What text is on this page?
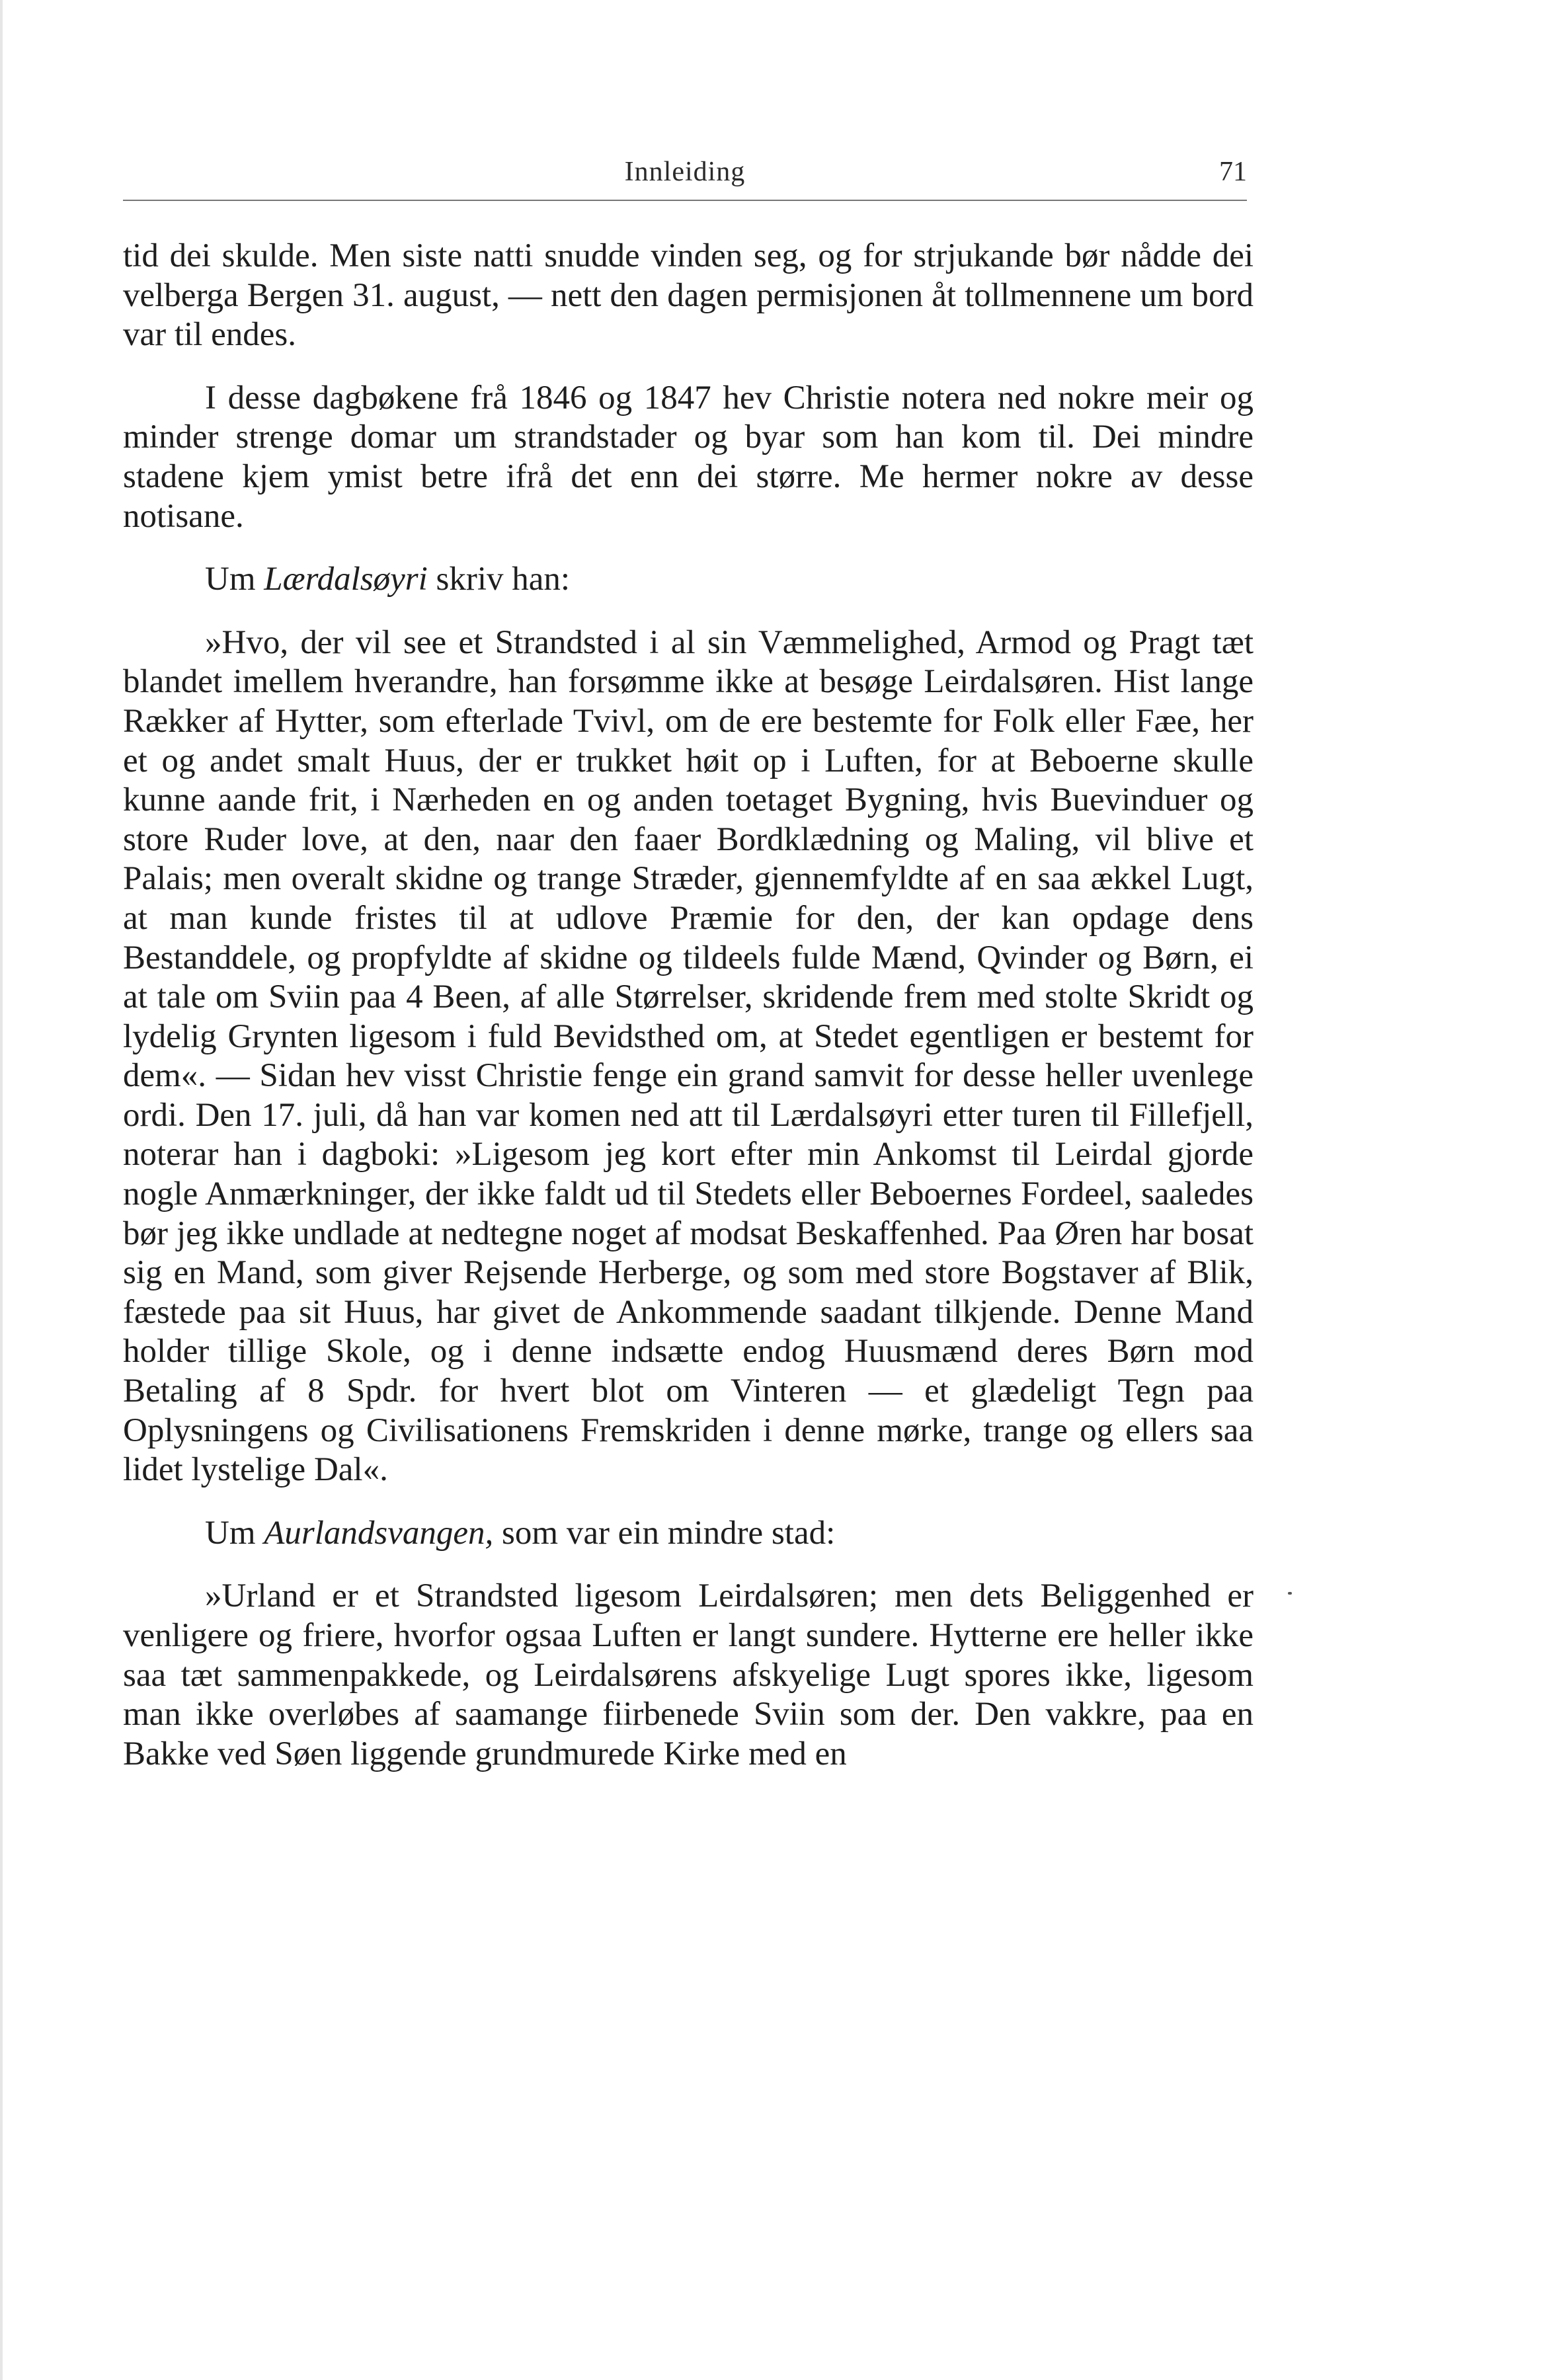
Innleiding	71

tid dei skulde. Men siste natti snudde vinden seg, og for strjukande bør nådde dei velberga Bergen 31. august, — nett den dagen permisjonen åt tollmennene um bord var til endes.

I desse dagbøkene frå 1846 og 1847 hev Christie notera ned nokre meir og minder strenge domar um strandstader og byar som han kom til. Dei mindre stadene kjem ymist betre ifrå det enn dei større. Me hermer nokre av desse notisane.

Um Lærdalsøyri skriv han:

»Hvo, der vil see et Strandsted i al sin Væmmelighed, Armod og Pragt tæt blandet imellem hverandre, han forsømme ikke at besøge Leirdalsøren. Hist lange Rækker af Hytter, som efterlade Tvivl, om de ere bestemte for Folk eller Fæe, her et og andet smalt Huus, der er trukket høit op i Luften, for at Beboerne skulle kunne aande frit, i Nærheden en og anden toetaget Bygning, hvis Buevinduer og store Ruder love, at den, naar den faaer Bordklædning og Maling, vil blive et Palais; men overalt skidne og trange Stræder, gjennemfyldte af en saa ækkel Lugt, at man kunde fristes til at udlove Præmie for den, der kan opdage dens Bestanddele, og propfyldte af skidne og tildeels fulde Mænd, Qvinder og Børn, ei at tale om Sviin paa 4 Been, af alle Størrelser, skridende frem med stolte Skridt og lydelig Grynten ligesom i fuld Bevidsthed om, at Stedet egentligen er bestemt for dem«. — Sidan hev visst Christie fenge ein grand samvit for desse heller uvenlege ordi. Den 17. juli, då han var komen ned att til Lærdalsøyri etter turen til Fillefjell, noterar han i dagboki: »Ligesom jeg kort efter min Ankomst til Leirdal gjorde nogle Anmærkninger, der ikke faldt ud til Stedets eller Beboernes Fordeel, saaledes bør jeg ikke undlade at nedtegne noget af modsat Beskaffenhed. Paa Øren har bosat sig en Mand, som giver Rejsende Herberge, og som med store Bogstaver af Blik, fæstede paa sit Huus, har givet de Ankommende saadant tilkjende. Denne Mand holder tillige Skole, og i denne indsætte endog Huusmænd deres Børn mod Betaling af 8 Spdr. for hvert blot om Vinteren — et glædeligt Tegn paa Oplysningens og Civilisationens Fremskriden i denne mørke, trange og ellers saa lidet lystelige Dal«.

Um Aurlandsvangen, som var ein mindre stad:

»Urland er et Strandsted ligesom Leirdalsøren; men dets Beliggenhed er venligere og friere, hvorfor ogsaa Luften er langt sundere. Hytterne ere heller ikke saa tæt sammenpakkede, og Leirdalsørens afskyelige Lugt spores ikke, ligesom man ikke overløbes af saamange fiirbenede Sviin som der. Den vakkre, paa en Bakke ved Søen liggende grundmurede Kirke med en
